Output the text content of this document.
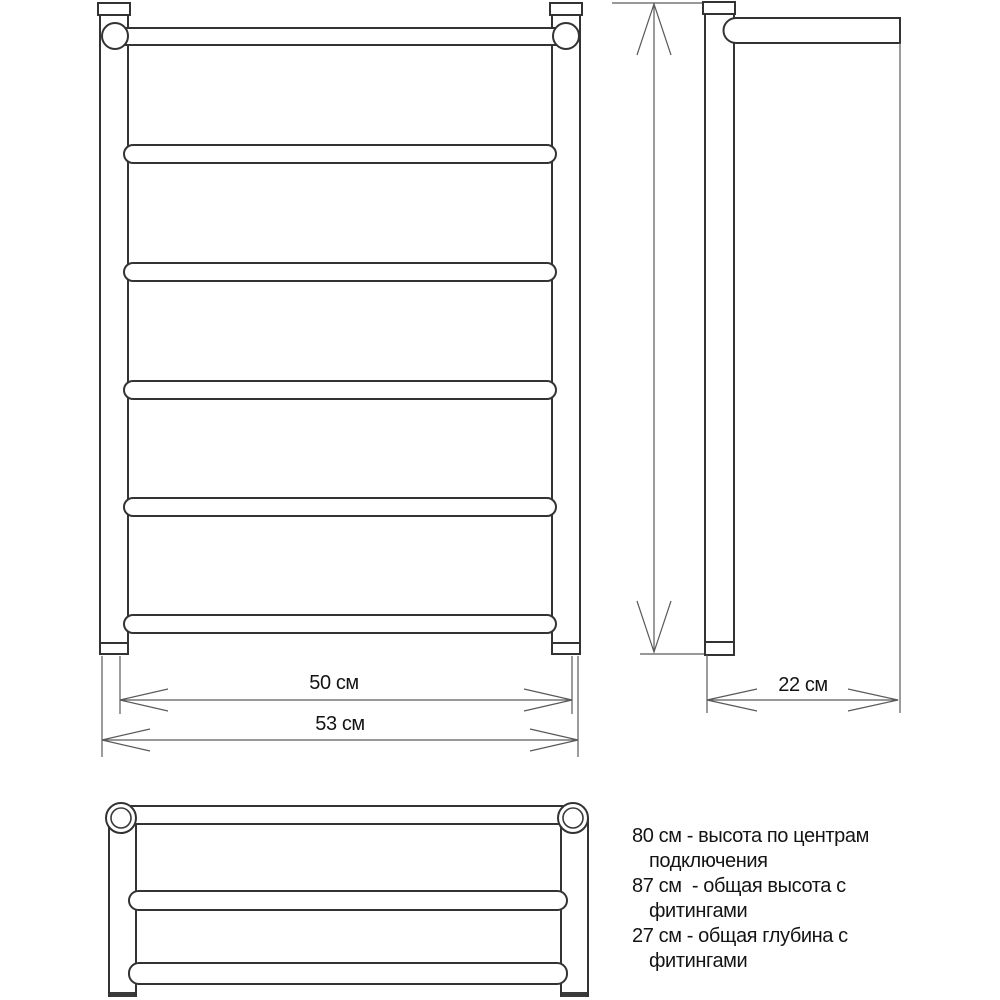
50 см
53 см
22 см
80 см - высота по центрам
подключения
87 см  - общая высота с
фитингами
27 см - общая глубина с
фитингами
